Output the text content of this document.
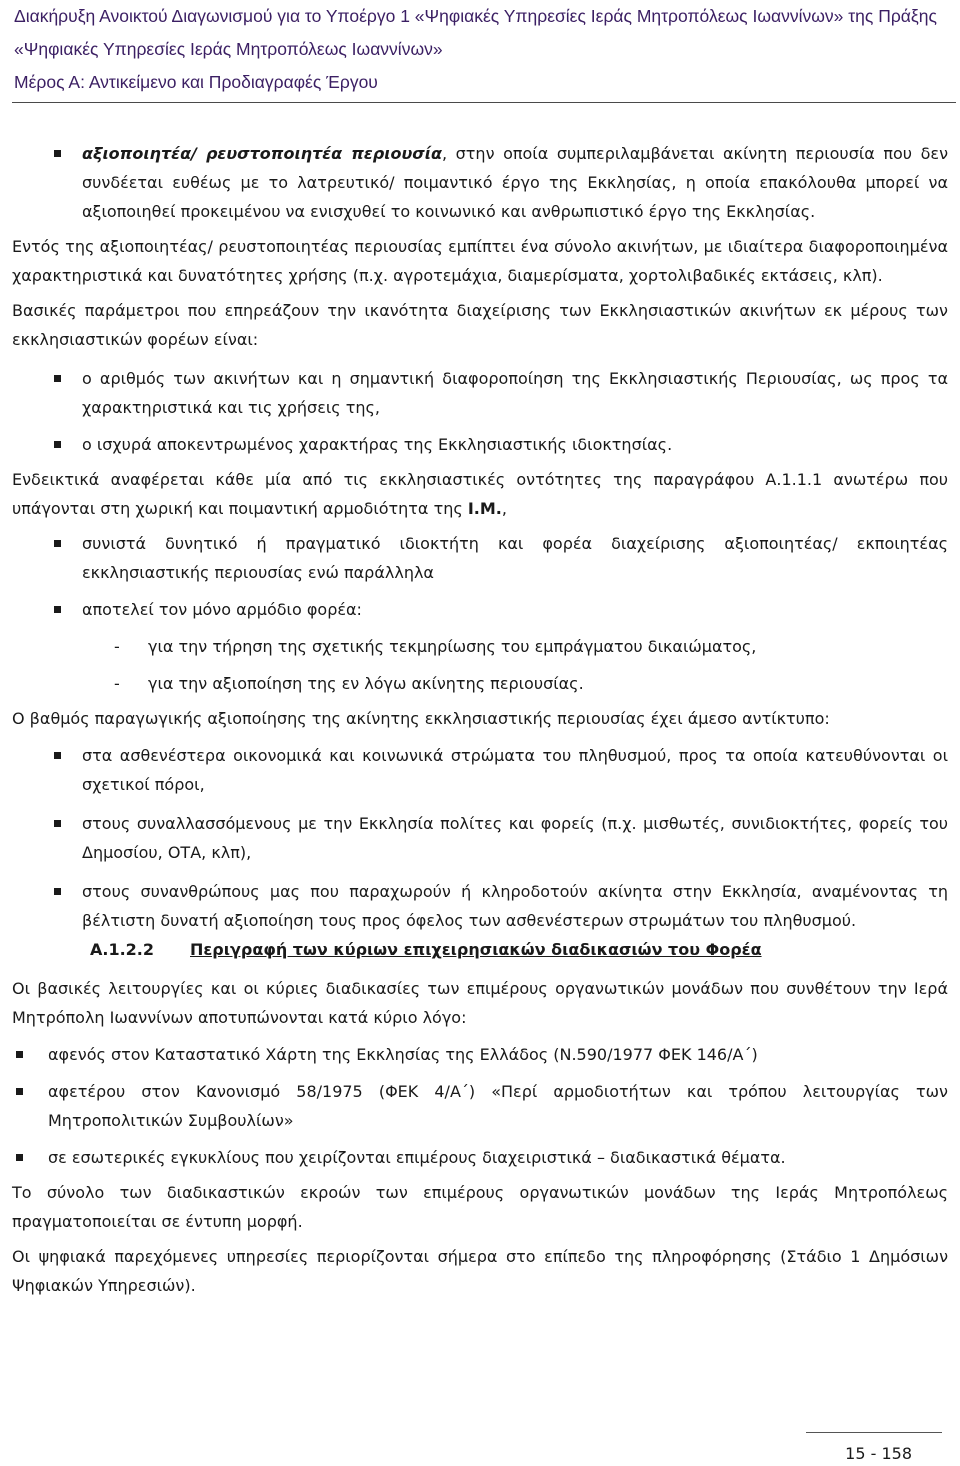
Διακήρυξη Ανοικτού Διαγωνισμού για το Υποέργο 1 «Ψηφιακές Υπηρεσίες Ιεράς Μητροπόλεως Ιωαννίνων» της Πράξης
«Ψηφιακές Υπηρεσίες Ιεράς Μητροπόλεως Ιωαννίνων»
Μέρος Α: Αντικείμενο και Προδιαγραφές Έργου
αξιοποιητέα/ ρευστοποιητέα περιουσία, στην οποία συμπεριλαμβάνεται ακίνητη περιουσία που δεν συνδέεται ευθέως με το λατρευτικό/ ποιμαντικό έργο της Εκκλησίας, η οποία επακόλουθα μπορεί να αξιοποιηθεί προκειμένου να ενισχυθεί το κοινωνικό και ανθρωπιστικό έργο της Εκκλησίας.

Εντός της αξιοποιητέας/ ρευστοποιητέας περιουσίας εμπίπτει ένα σύνολο ακινήτων, με ιδιαίτερα διαφοροποιημένα χαρακτηριστικά και δυνατότητες χρήσης (π.χ. αγροτεμάχια, διαμερίσματα, χορτολιβαδικές εκτάσεις, κλπ).

Βασικές παράμετροι που επηρεάζουν την ικανότητα διαχείρισης των Εκκλησιαστικών ακινήτων εκ μέρους των εκκλησιαστικών φορέων είναι:

ο αριθμός των ακινήτων και η σημαντική διαφοροποίηση της Εκκλησιαστικής Περιουσίας, ως προς τα χαρακτηριστικά και τις χρήσεις της,
ο ισχυρά αποκεντρωμένος χαρακτήρας της Εκκλησιαστικής ιδιοκτησίας.

Ενδεικτικά αναφέρεται κάθε μία από τις εκκλησιαστικές οντότητες της παραγράφου Α.1.1.1 ανωτέρω που υπάγονται στη χωρική και ποιμαντική αρμοδιότητα της Ι.Μ.,

συνιστά δυνητικό ή πραγματικό ιδιοκτήτη και φορέα διαχείρισης αξιοποιητέας/ εκποιητέας εκκλησιαστικής περιουσίας ενώ παράλληλα
αποτελεί τον μόνο αρμόδιο φορέα:
- για την τήρηση της σχετικής τεκμηρίωσης του εμπράγματου δικαιώματος,
- για την αξιοποίηση της εν λόγω ακίνητης περιουσίας.

Ο βαθμός παραγωγικής αξιοποίησης της ακίνητης εκκλησιαστικής περιουσίας έχει άμεσο αντίκτυπο:

στα ασθενέστερα οικονομικά και κοινωνικά στρώματα του πληθυσμού, προς τα οποία κατευθύνονται οι σχετικοί πόροι,
στους συναλλασσόμενους με την Εκκλησία πολίτες και φορείς (π.χ. μισθωτές, συνιδιοκτήτες, φορείς του Δημοσίου, ΟΤΑ, κλπ),
στους συνανθρώπους μας που παραχωρούν ή κληροδοτούν ακίνητα στην Εκκλησία, αναμένοντας τη βέλτιστη δυνατή αξιοποίηση τους προς όφελος των ασθενέστερων στρωμάτων του πληθυσμού.
Α.1.2.2 Περιγραφή των κύριων επιχειρησιακών διαδικασιών του Φορέα

Οι βασικές λειτουργίες και οι κύριες διαδικασίες των επιμέρους οργανωτικών μονάδων που συνθέτουν την Ιερά Μητρόπολη Ιωαννίνων αποτυπώνονται κατά κύριο λόγο:

αφενός στον Καταστατικό Χάρτη της Εκκλησίας της Ελλάδος (Ν.590/1977 ΦΕΚ 146/Α΄)
αφετέρου στον Κανονισμό 58/1975 (ΦΕΚ 4/Α΄) «Περί αρμοδιοτήτων και τρόπου λειτουργίας των Μητροπολιτικών Συμβουλίων»
σε εσωτερικές εγκυκλίους που χειρίζονται επιμέρους διαχειριστικά – διαδικαστικά θέματα.

Το σύνολο των διαδικαστικών εκροών των επιμέρους οργανωτικών μονάδων της Ιεράς Μητροπόλεως πραγματοποιείται σε έντυπη μορφή.

Οι ψηφιακά παρεχόμενες υπηρεσίες περιορίζονται σήμερα στο επίπεδο της πληροφόρησης (Στάδιο 1 Δημόσιων Ψηφιακών Υπηρεσιών).

15 - 158
